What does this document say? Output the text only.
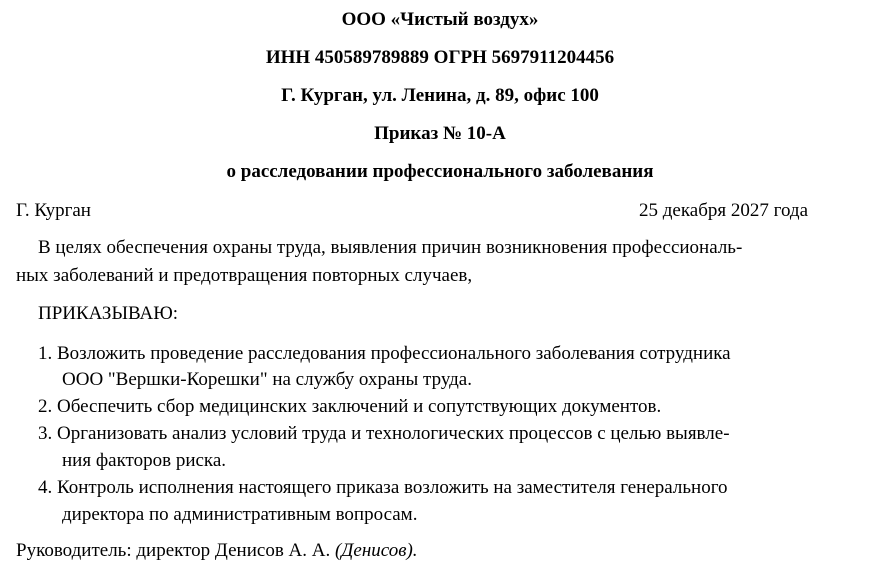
ООО «Чистый воздух»
ИНН 450589789889 ОГРН 5697911204456
Г. Курган, ул. Ленина, д. 89, офис 100
Приказ № 10-А
о расследовании профессионального заболевания
Г. Курган	25 декабря 2027 года
В целях обеспечения охраны труда, выявления причин возникновения профессиональ-
ных заболеваний и предотвращения повторных случаев,
ПРИКАЗЫВАЮ:
1. Возложить проведение расследования профессионального заболевания сотрудника
ООО "Вершки-Корешки" на службу охраны труда.
2. Обеспечить сбор медицинских заключений и сопутствующих документов.
3. Организовать анализ условий труда и технологических процессов с целью выявле-
ния факторов риска.
4. Контроль исполнения настоящего приказа возложить на заместителя генерального
директора по административным вопросам.
Руководитель: директор Денисов А. А. (Денисов).
